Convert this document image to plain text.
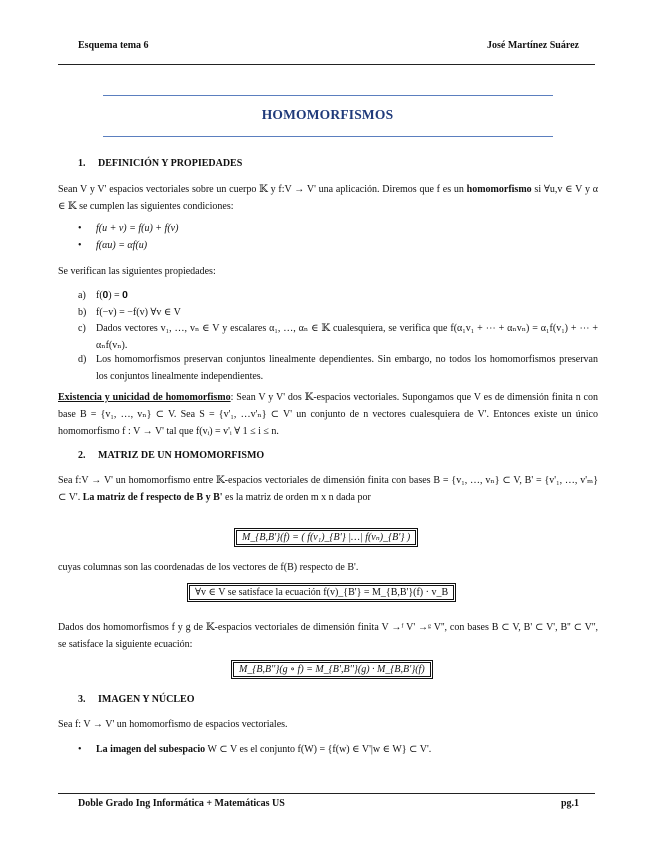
Esquema tema 6	José Martínez Suárez
HOMOMORFISMOS
1. DEFINICIÓN Y PROPIEDADES

Sean V y V' espacios vectoriales sobre un cuerpo 𝕂 y f:V → V' una aplicación. Diremos que f es un homomorfismo si ∀u,v ∈ V y α ∈ 𝕂 se cumplen las siguientes condiciones:

• f(u + v) = f(u) + f(v)
• f(αu) = αf(u)

Se verifican las siguientes propiedades:

a)	f(𝟎) = 𝟎
b) f(−v) = −f(v) ∀v ∈ V
c)	Dados vectores v₁, …, vₙ ∈ V y escalares α₁, …, αₙ ∈ 𝕂 cualesquiera, se verifica que f(α₁v₁ + ⋯ + αₙvₙ) = α₁f(v₁) + ⋯ + αₙf(vₙ).
d) Los homomorfismos preservan conjuntos linealmente dependientes. Sin embargo, no todos los homomorfismos preservan los conjuntos linealmente independientes.

Existencia y unicidad de homomorfismo: Sean V y V' dos 𝕂-espacios vectoriales. Supongamos que V es de dimensión finita n con base B = {v₁, …, vₙ} ⊂ V. Sea S = {v'₁, …v'ₙ} ⊂ V' un conjunto de n vectores cualesquiera de V'. Entonces existe un único homomorfismo f : V → V' tal que f(vᵢ) = v'ᵢ ∀ 1 ≤ i ≤ n.

2. MATRIZ DE UN HOMOMORFISMO

Sea f:V → V' un homomorfismo entre 𝕂-espacios vectoriales de dimensión finita con bases B = {v₁, …, vₙ} ⊂ V, B' = {v'₁, …, v'ₘ} ⊂ V'. La matriz de f respecto de B y B' es la matriz de orden m x n dada por

M_{B,B'}(f) = ( f(v₁)_{B'} |…| f(vₙ)_{B'} )

cuyas columnas son las coordenadas de los vectores de f(B) respecto de B'.

∀v ∈ V se satisface la ecuación f(v)_{B'} = M_{B,B'}(f) · v_B

Dados dos homomorfismos f y g de 𝕂-espacios vectoriales de dimensión finita V →ᶠ V' →ᵍ V'', con bases B ⊂ V, B' ⊂ V', B'' ⊂ V'', se satisface la siguiente ecuación:

M_{B,B''}(g ∘ f) = M_{B',B''}(g) · M_{B,B'}(f)
3. IMAGEN Y NÚCLEO

Sea f: V → V' un homomorfismo de espacios vectoriales.

• La imagen del subespacio W ⊂ V es el conjunto f(W) = {f(w) ∈ V'|w ∈ W} ⊂ V'.
Doble Grado Ing Informática + Matemáticas US	pg.1
